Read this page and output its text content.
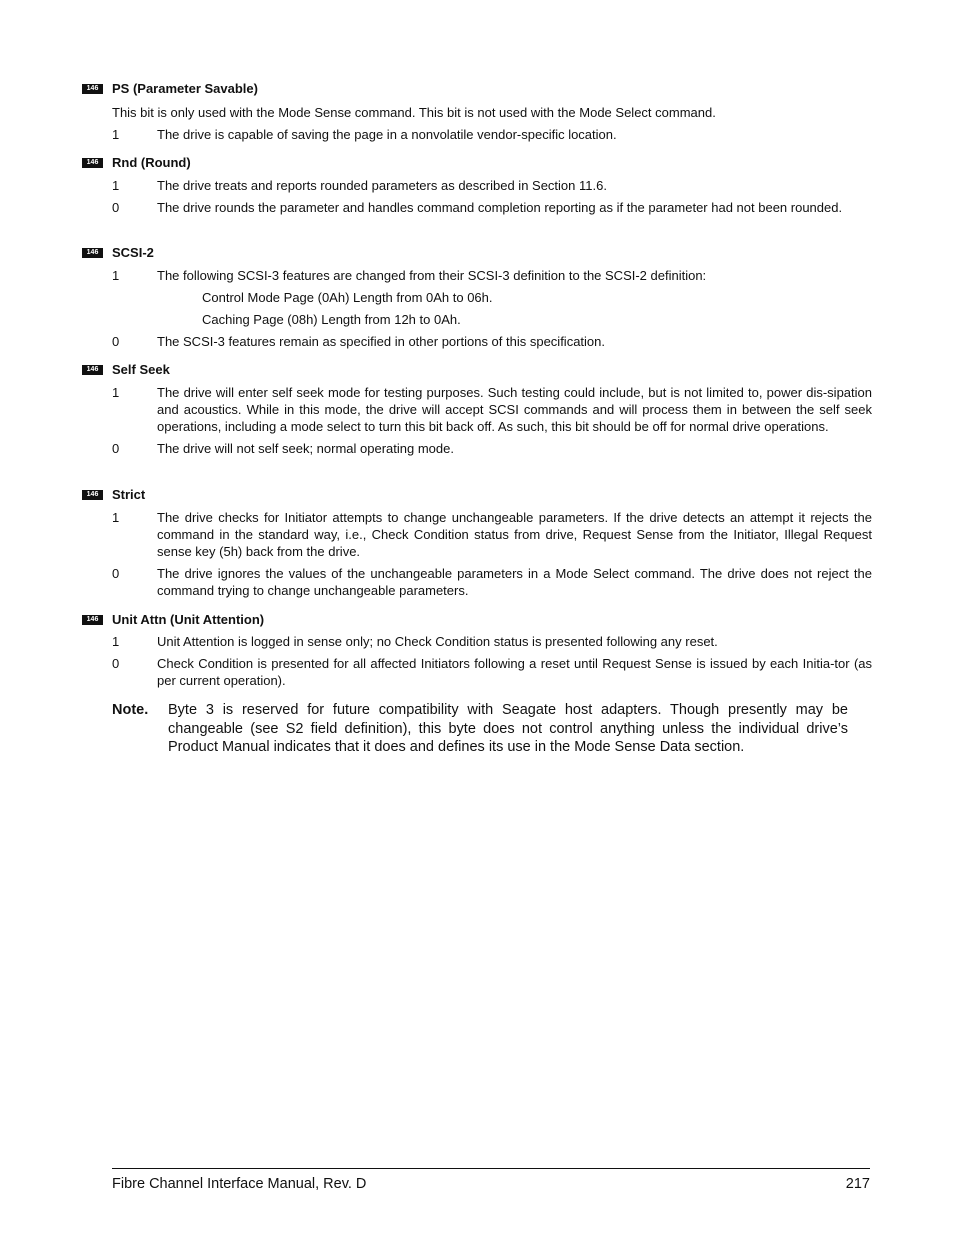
146	PS (Parameter Savable)
This bit is only used with the Mode Sense command. This bit is not used with the Mode Select command.
1	The drive is capable of saving the page in a nonvolatile vendor-specific location.
146	Rnd (Round)
1	The drive treats and reports rounded parameters as described in Section 11.6.
0	The drive rounds the parameter and handles command completion reporting as if the parameter had not been rounded.
146	SCSI-2
1	The following SCSI-3 features are changed from their SCSI-3 definition to the SCSI-2 definition:
Control Mode Page (0Ah) Length from 0Ah to 06h.
Caching Page (08h) Length from 12h to 0Ah.
0	The SCSI-3 features remain as specified in other portions of this specification.
146	Self Seek
1	The drive will enter self seek mode for testing purposes. Such testing could include, but is not limited to, power dis-sipation and acoustics. While in this mode, the drive will accept SCSI commands and will process them in between the self seek operations, including a mode select to turn this bit back off. As such, this bit should be off for normal drive operations.
0	The drive will not self seek; normal operating mode.
146	Strict
1	The drive checks for Initiator attempts to change unchangeable parameters. If the drive detects an attempt it rejects the command in the standard way, i.e., Check Condition status from drive, Request Sense from the Initiator, Illegal Request sense key (5h) back from the drive.
0	The drive ignores the values of the unchangeable parameters in a Mode Select command. The drive does not reject the command trying to change unchangeable parameters.
146	Unit Attn (Unit Attention)
1	Unit Attention is logged in sense only; no Check Condition status is presented following any reset.
0	Check Condition is presented for all affected Initiators following a reset until Request Sense is issued by each Initia-tor (as per current operation).
Note. Byte 3 is reserved for future compatibility with Seagate host adapters. Though presently may be changeable (see S2 field definition), this byte does not control anything unless the individual drive’s Product Manual indicates that it does and defines its use in the Mode Sense Data section.
Fibre Channel Interface Manual, Rev. D	217
